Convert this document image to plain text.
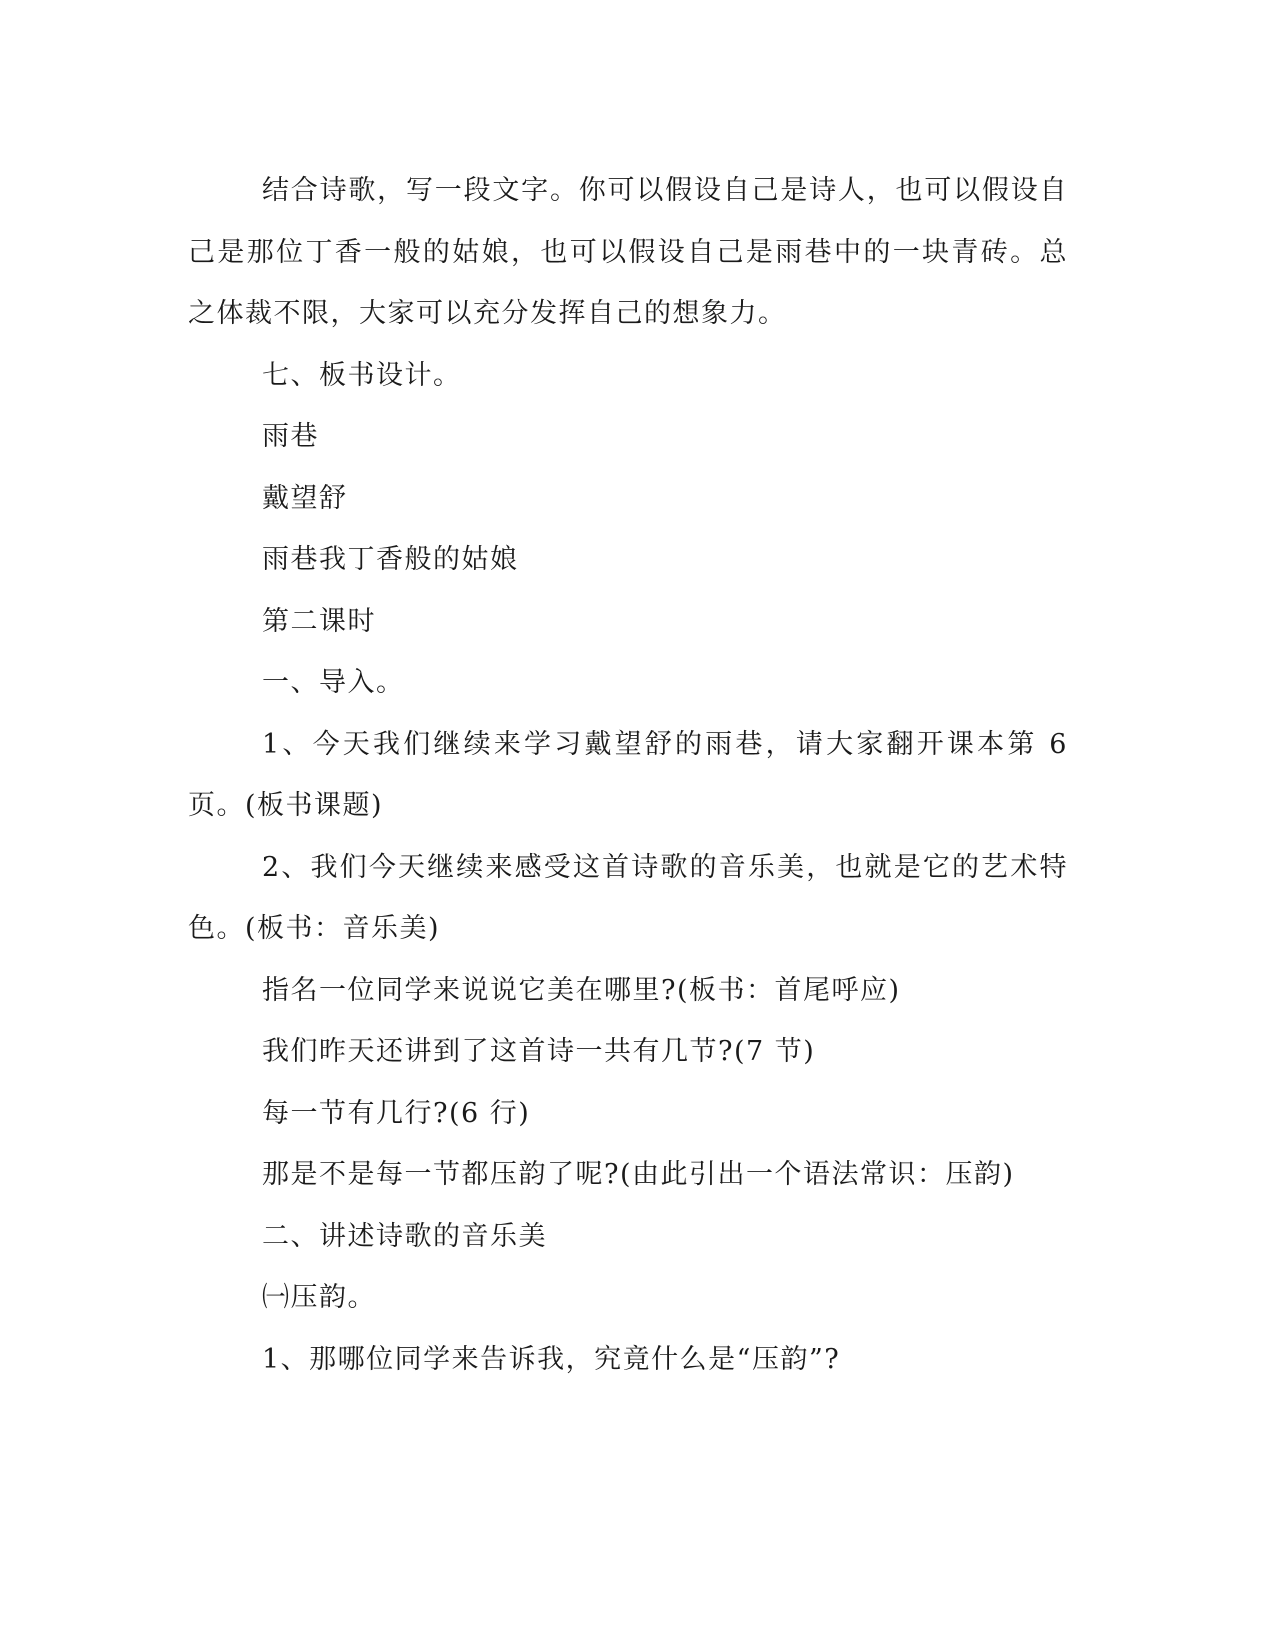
结合诗歌，写一段文字。你可以假设自己是诗人，也可以假设自己是那位丁香一般的姑娘，也可以假设自己是雨巷中的一块青砖。总之体裁不限，大家可以充分发挥自己的想象力。

七、板书设计。

雨巷

戴望舒

雨巷我丁香般的姑娘

第二课时

一、导入。

1、今天我们继续来学习戴望舒的雨巷，请大家翻开课本第 6 页。(板书课题)

2、我们今天继续来感受这首诗歌的音乐美，也就是它的艺术特色。(板书：音乐美)

指名一位同学来说说它美在哪里?(板书：首尾呼应)

我们昨天还讲到了这首诗一共有几节?(7 节)

每一节有几行?(6 行)

那是不是每一节都压韵了呢?(由此引出一个语法常识：压韵)

二、讲述诗歌的音乐美

㈠压韵。

1、那哪位同学来告诉我，究竟什么是“压韵”?
